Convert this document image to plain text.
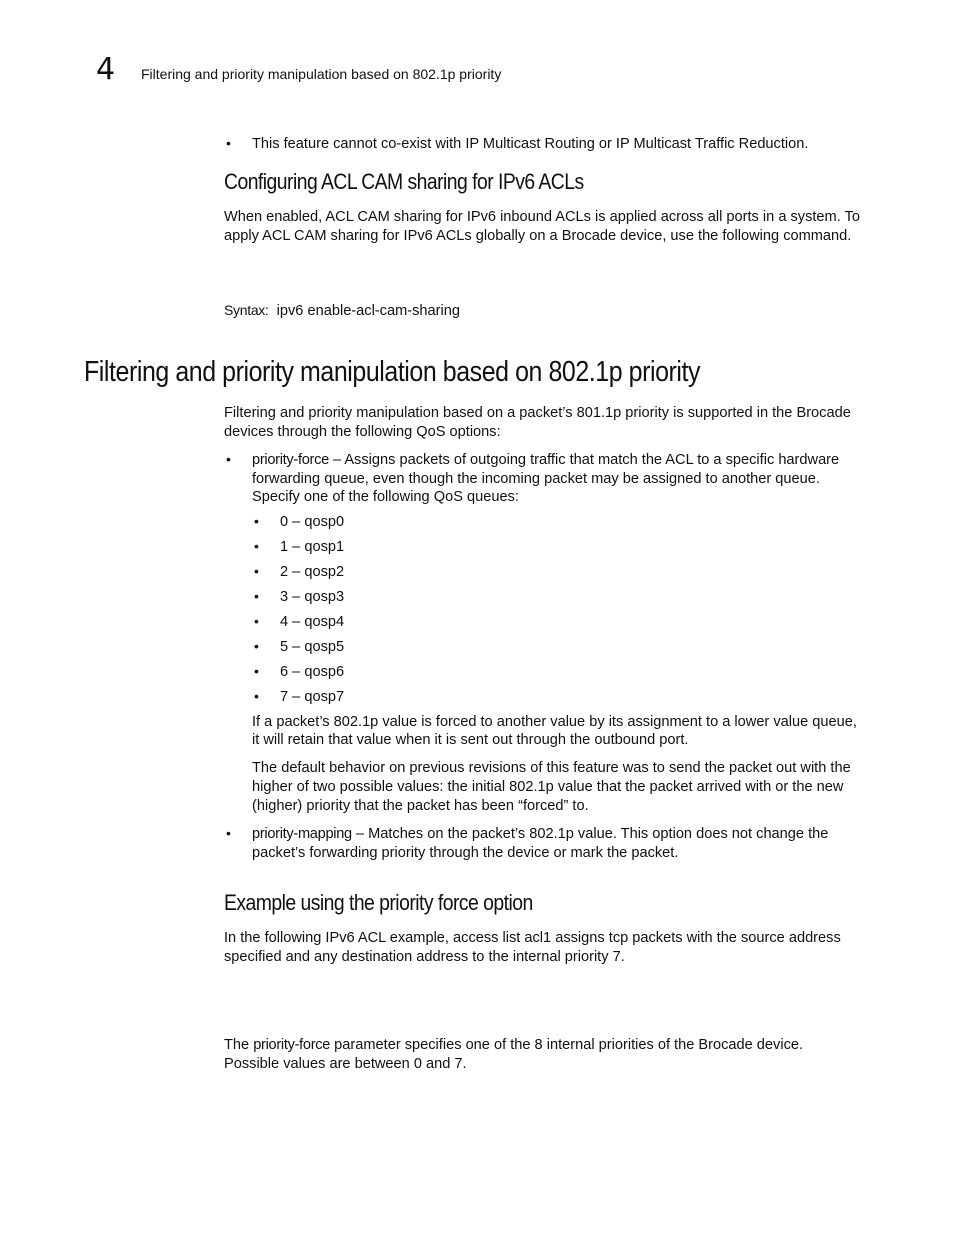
4 Filtering and priority manipulation based on 802.1p priority
• This feature cannot co-exist with IP Multicast Routing or IP Multicast Traffic Reduction.
Configuring ACL CAM sharing for IPv6 ACLs
When enabled, ACL CAM sharing for IPv6 inbound ACLs is applied across all ports in a system. To
apply ACL CAM sharing for IPv6 ACLs globally on a Brocade device, use the following command.
Syntax: ipv6 enable-acl-cam-sharing
Filtering and priority manipulation based on 802.1p priority
Filtering and priority manipulation based on a packet’s 801.1p priority is supported in the Brocade
devices through the following QoS options:
• priority-force – Assigns packets of outgoing traffic that match the ACL to a specific hardware
forwarding queue, even though the incoming packet may be assigned to another queue.
Specify one of the following QoS queues:
• 0 – qosp0
• 1 – qosp1
• 2 – qosp2
• 3 – qosp3
• 4 – qosp4
• 5 – qosp5
• 6 – qosp6
• 7 – qosp7
If a packet’s 802.1p value is forced to another value by its assignment to a lower value queue,
it will retain that value when it is sent out through the outbound port.
The default behavior on previous revisions of this feature was to send the packet out with the
higher of two possible values: the initial 802.1p value that the packet arrived with or the new
(higher) priority that the packet has been “forced” to.
• priority-mapping – Matches on the packet’s 802.1p value. This option does not change the
packet’s forwarding priority through the device or mark the packet.
Example using the priority force option
In the following IPv6 ACL example, access list acl1 assigns tcp packets with the source address
specified and any destination address to the internal priority 7.
The priority-force parameter specifies one of the 8 internal priorities of the Brocade device.
Possible values are between 0 and 7.
